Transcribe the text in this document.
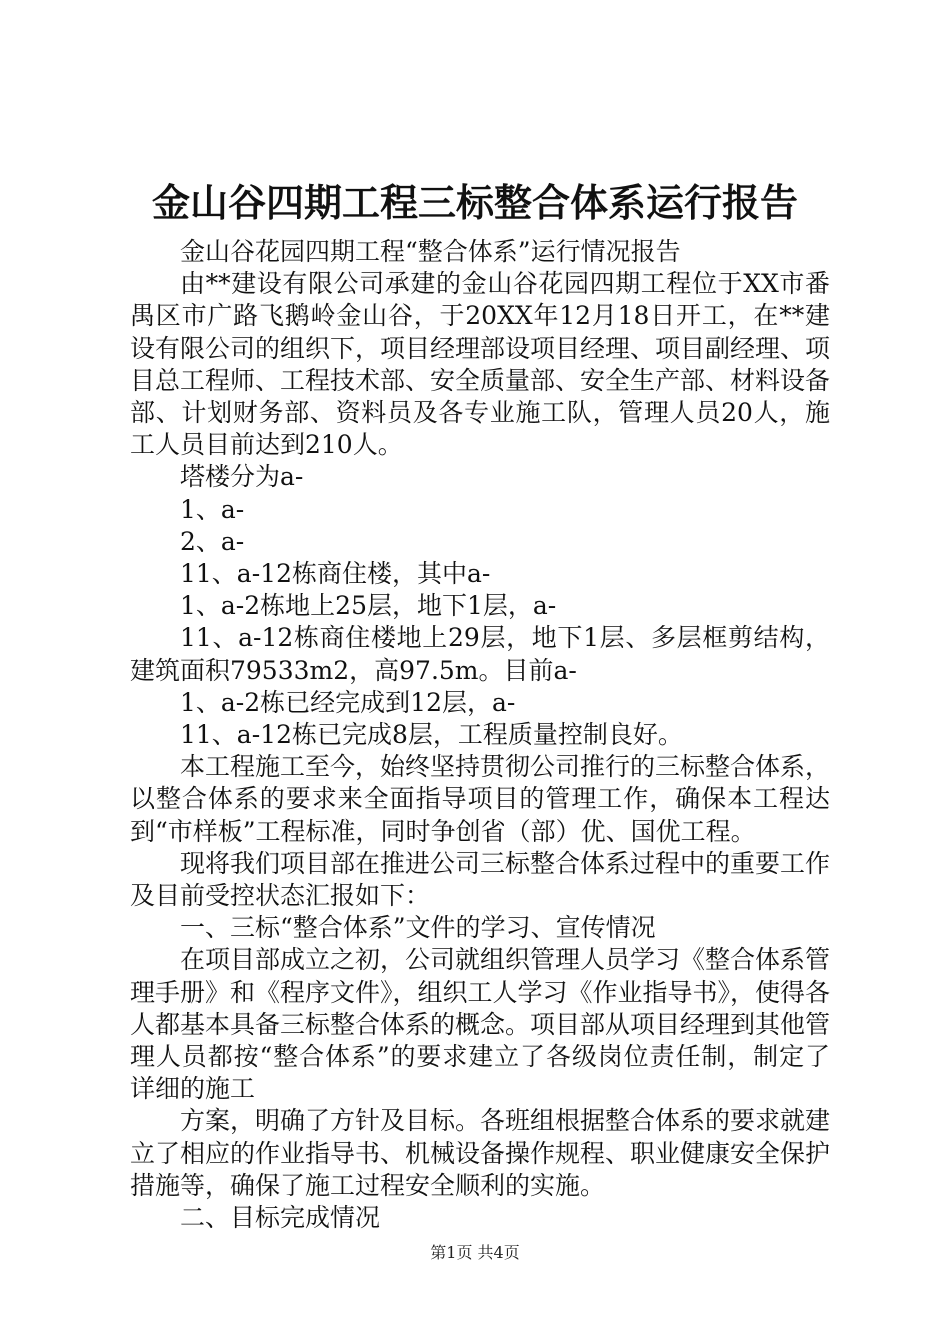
金山谷四期工程三标整合体系运行报告

金山谷花园四期工程“整合体系”运行情况报告

由**建设有限公司承建的金山谷花园四期工程位于XX市番禺区市广路飞鹅岭金山谷，于20XX年12月18日开工，在**建设有限公司的组织下，项目经理部设项目经理、项目副经理、项目总工程师、工程技术部、安全质量部、安全生产部、材料设备部、计划财务部、资料员及各专业施工队，管理人员20人，施工人员目前达到210人。

塔楼分为a-

1、a-

2、a-

11、a-12栋商住楼，其中a-

1、a-2栋地上25层，地下1层，a-

11、a-12栋商住楼地上29层，地下1层、多层框剪结构，建筑面积79533m2，高97.5m。目前a-

1、a-2栋已经完成到12层，a-

11、a-12栋已完成8层，工程质量控制良好。

本工程施工至今，始终坚持贯彻公司推行的三标整合体系，以整合体系的要求来全面指导项目的管理工作，确保本工程达到“市样板”工程标准，同时争创省（部）优、国优工程。

现将我们项目部在推进公司三标整合体系过程中的重要工作及目前受控状态汇报如下：

一、三标“整合体系”文件的学习、宣传情况

在项目部成立之初，公司就组织管理人员学习《整合体系管理手册》和《程序文件》，组织工人学习《作业指导书》，使得各人都基本具备三标整合体系的概念。项目部从项目经理到其他管理人员都按“整合体系”的要求建立了各级岗位责任制，制定了详细的施工

方案，明确了方针及目标。各班组根据整合体系的要求就建立了相应的作业指导书、机械设备操作规程、职业健康安全保护措施等，确保了施工过程安全顺利的实施。

二、目标完成情况

第1页 共4页
